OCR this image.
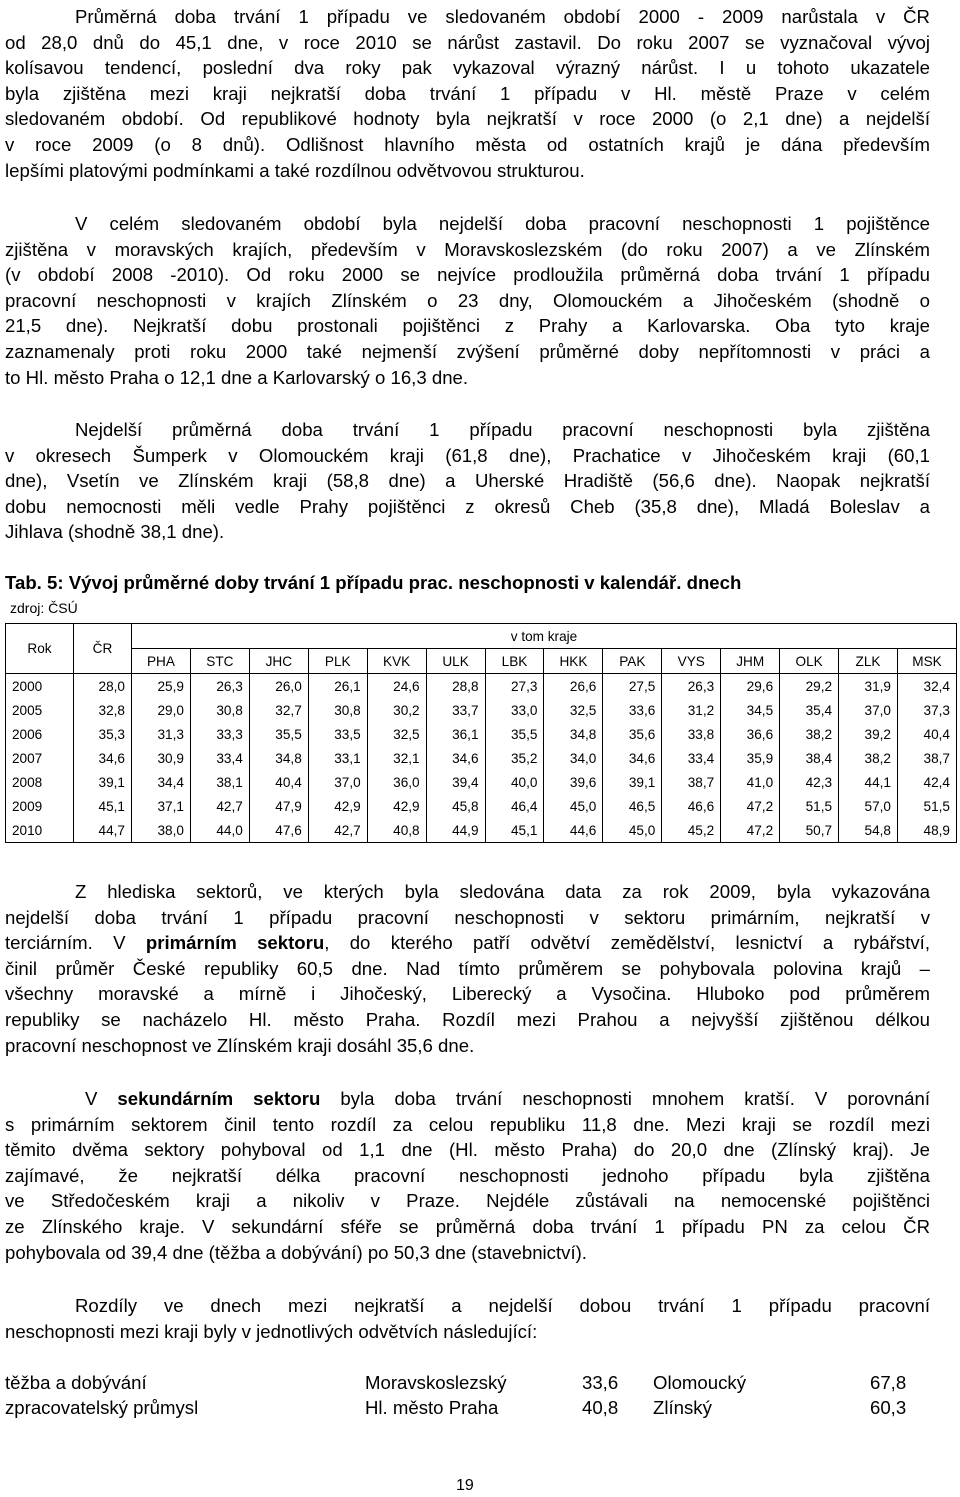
Průměrná doba trvání 1 případu ve sledovaném období 2000 - 2009 narůstala v ČR
od 28,0 dnů do 45,1 dne, v roce 2010 se nárůst zastavil. Do roku 2007 se vyznačoval vývoj
kolísavou tendencí, poslední dva roky pak vykazoval výrazný nárůst. I u tohoto ukazatele
byla zjištěna mezi kraji nejkratší doba trvání 1 případu v Hl. městě Praze v celém
sledovaném období. Od republikové hodnoty byla nejkratší v roce 2000 (o 2,1 dne) a nejdelší
v roce 2009 (o 8 dnů). Odlišnost hlavního města od ostatních krajů je dána především
lepšími platovými podmínkami a také rozdílnou odvětvovou strukturou.
V celém sledovaném období byla nejdelší doba pracovní neschopnosti 1 pojištěnce
zjištěna v moravských krajích, především v Moravskoslezském (do roku 2007) a ve Zlínském
(v období 2008 -2010). Od roku 2000 se nejvíce prodloužila průměrná doba trvání 1 případu
pracovní neschopnosti v krajích Zlínském o 23 dny, Olomouckém a Jihočeském (shodně o
21,5 dne). Nejkratší dobu prostonali pojištěnci z Prahy a Karlovarska. Oba tyto kraje
zaznamenaly proti roku 2000 také nejmenší zvýšení průměrné doby nepřítomnosti v práci a
to Hl. město Praha o 12,1 dne a Karlovarský o 16,3 dne.
Nejdelší průměrná doba trvání 1 případu pracovní neschopnosti byla zjištěna
v okresech Šumperk v Olomouckém kraji (61,8 dne), Prachatice v Jihočeském kraji (60,1
dne), Vsetín ve Zlínském kraji (58,8 dne) a Uherské Hradiště (56,6 dne). Naopak nejkratší
dobu nemocnosti měli vedle Prahy pojištěnci z okresů Cheb (35,8 dne), Mladá Boleslav a
Jihlava (shodně 38,1 dne).
Tab. 5: Vývoj průměrné doby trvání 1 případu prac. neschopnosti v kalendář. dnech
zdroj: ČSÚ
Rok	ČR	v tom kraje													
		PHA	STC	JHC	PLK	KVK	ULK	LBK	HKK	PAK	VYS	JHM	OLK	ZLK	MSK
2000	28,0	25,9	26,3	26,0	26,1	24,6	28,8	27,3	26,6	27,5	26,3	29,6	29,2	31,9	32,4
2005	32,8	29,0	30,8	32,7	30,8	30,2	33,7	33,0	32,5	33,6	31,2	34,5	35,4	37,0	37,3
2006	35,3	31,3	33,3	35,5	33,5	32,5	36,1	35,5	34,8	35,6	33,8	36,6	38,2	39,2	40,4
2007	34,6	30,9	33,4	34,8	33,1	32,1	34,6	35,2	34,0	34,6	33,4	35,9	38,4	38,2	38,7
2008	39,1	34,4	38,1	40,4	37,0	36,0	39,4	40,0	39,6	39,1	38,7	41,0	42,3	44,1	42,4
2009	45,1	37,1	42,7	47,9	42,9	42,9	45,8	46,4	45,0	46,5	46,6	47,2	51,5	57,0	51,5
2010	44,7	38,0	44,0	47,6	42,7	40,8	44,9	45,1	44,6	45,0	45,2	47,2	50,7	54,8	48,9
Z hlediska sektorů, ve kterých byla sledována data za rok 2009, byla vykazována
nejdelší doba trvání 1 případu pracovní neschopnosti v sektoru primárním, nejkratší v
terciárním. V primárním sektoru, do kterého patří odvětví zemědělství, lesnictví a rybářství,
činil průměr České republiky 60,5 dne. Nad tímto průměrem se pohybovala polovina krajů –
všechny moravské a mírně i Jihočeský, Liberecký a Vysočina. Hluboko pod průměrem
republiky se nacházelo Hl. město Praha. Rozdíl mezi Prahou a nejvyšší zjištěnou délkou
pracovní neschopnost ve Zlínském kraji dosáhl 35,6 dne.
V sekundárním sektoru byla doba trvání neschopnosti mnohem kratší. V porovnání
s primárním sektorem činil tento rozdíl za celou republiku 11,8 dne. Mezi kraji se rozdíl mezi
těmito dvěma sektory pohyboval od 1,1 dne (Hl. město Praha) do 20,0 dne (Zlínský kraj). Je
zajímavé, že nejkratší délka pracovní neschopnosti jednoho případu byla zjištěna
ve Středočeském kraji a nikoliv v Praze. Nejdéle zůstávali na nemocenské pojištěnci
ze Zlínského kraje. V sekundární sféře se průměrná doba trvání 1 případu PN za celou ČR
pohybovala od 39,4 dne (těžba a dobývání) po 50,3 dne (stavebnictví).
Rozdíly ve dnech mezi nejkratší a nejdelší dobou trvání 1 případu pracovní
neschopnosti mezi kraji byly v jednotlivých odvětvích následující:
těžba a dobývání	Moravskoslezský	33,6 Olomoucký	67,8
zpracovatelský průmysl	Hl. město Praha	40,8 Zlínský	60,3
19
